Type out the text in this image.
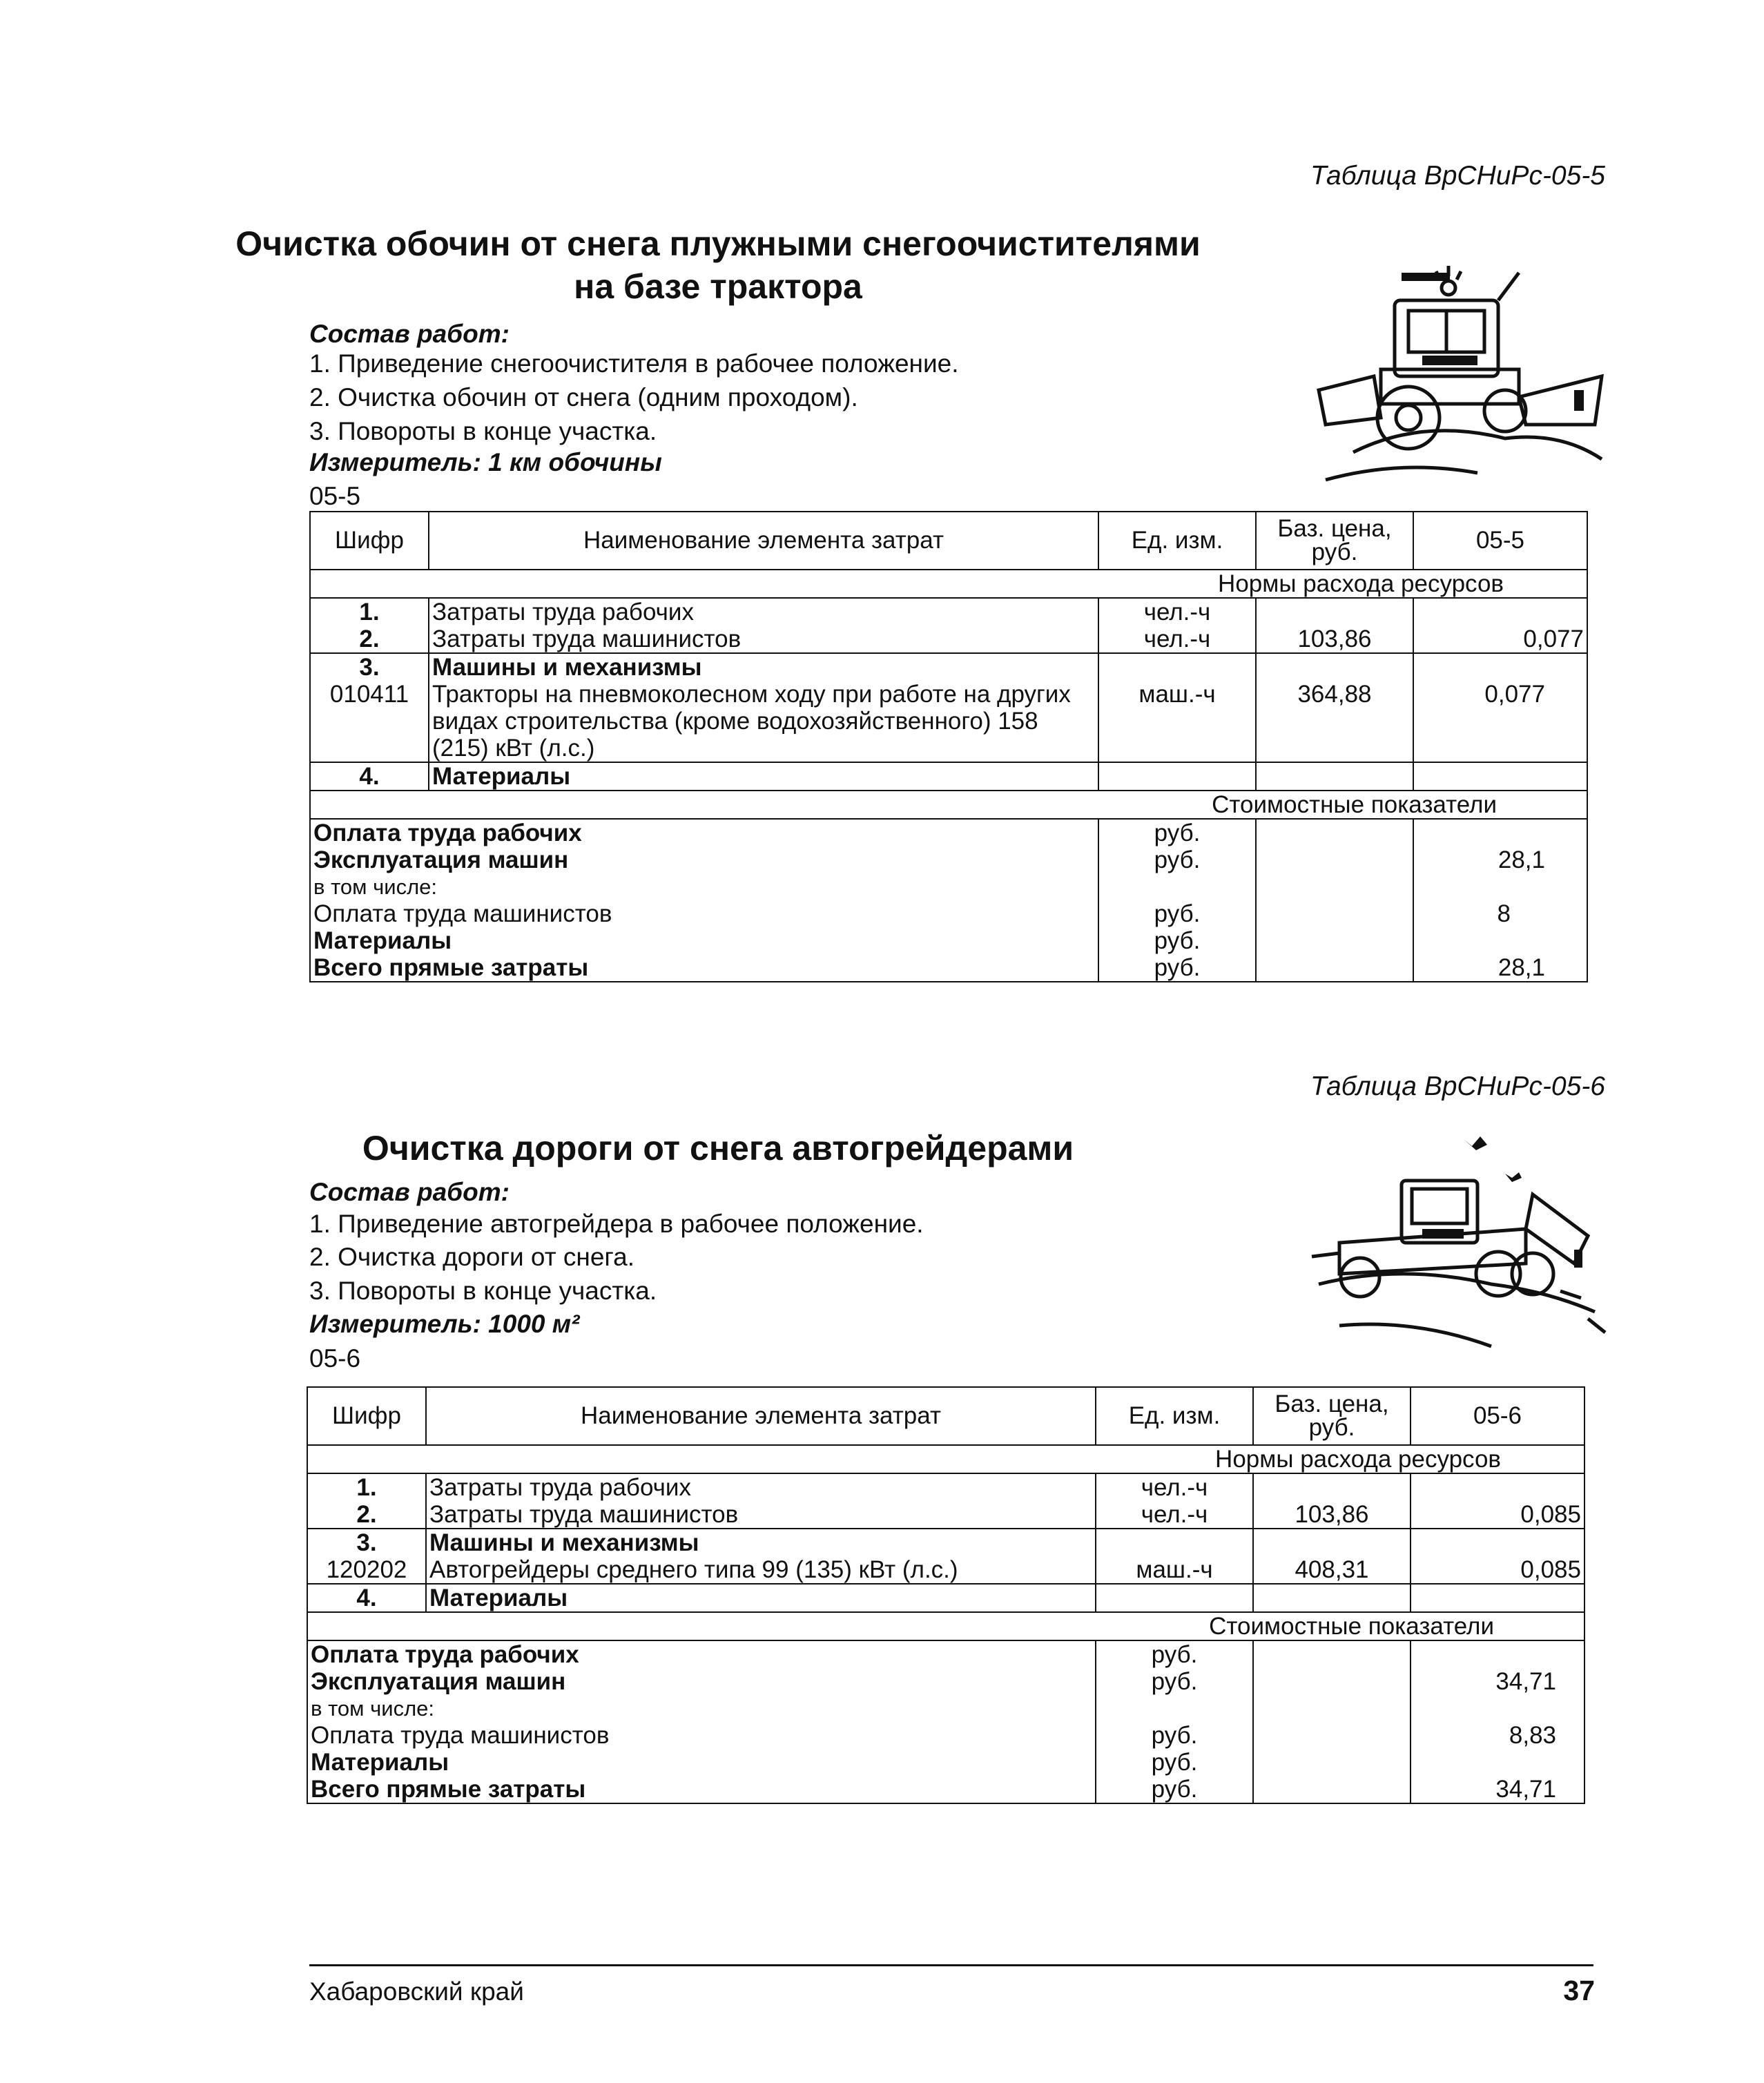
Таблица ВрСНиРс-05-5
Очистка обочин от снега плужными снегоочистителями
на базе трактора
Состав работ:
1. Приведение снегоочистителя в рабочее положение.
2. Очистка обочин от снега (одним проходом).
3. Повороты в конце участка.
Измеритель: 1 км обочины
05-5
Шифр	Наименование элемента затрат	Ед. изм.	Баз. цена, руб.	05-5
Нормы расхода ресурсов				
1.	Затраты труда рабочих	чел.-ч		
2.	Затраты труда машинистов	чел.-ч	103,86	0,077
3.	Машины и механизмы			
010411	Тракторы на пневмоколесном ходу при работе на других видах строительства (кроме водохозяйственного) 158 (215) кВт (л.с.)	маш.-ч	364,88	0,077
4.	Материалы			
Стоимостные показатели				
Оплата труда рабочих		руб.		
Эксплуатация машин		руб.		28,1
в том числе:				
Оплата труда машинистов		руб.		8
Материалы		руб.		
Всего прямые затраты		руб.		28,1
Таблица ВрСНиРс-05-6
Очистка дороги от снега автогрейдерами
Состав работ:
1. Приведение автогрейдера в рабочее положение.
2. Очистка дороги от снега.
3. Повороты в конце участка.
Измеритель: 1000 м²
05-6
Шифр	Наименование элемента затрат	Ед. изм.	Баз. цена, руб.	05-6
Нормы расхода ресурсов				
1.	Затраты труда рабочих	чел.-ч		
2.	Затраты труда машинистов	чел.-ч	103,86	0,085
3.	Машины и механизмы			
120202	Автогрейдеры среднего типа 99 (135) кВт (л.с.)	маш.-ч	408,31	0,085
4.	Материалы			
Стоимостные показатели				
Оплата труда рабочих		руб.		
Эксплуатация машин		руб.		34,71
в том числе:				
Оплата труда машинистов		руб.		8,83
Материалы		руб.		
Всего прямые затраты		руб.		34,71
Хабаровский край	37
